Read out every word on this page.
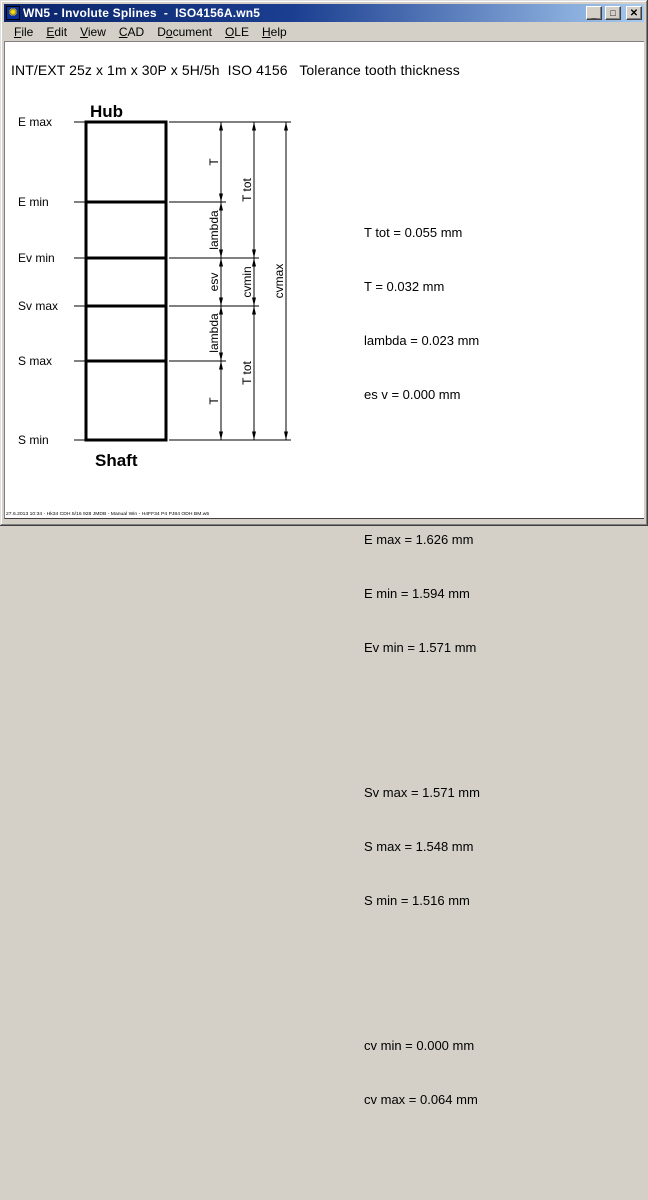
✺ WN5 - Involute Splines  -  ISO4156A.wn5	_ □ ✕
File Edit View CAD Document OLE Help
INT/EXT 25z x 1m x 30P x 5H/5h  ISO 4156   Tolerance tooth thickness
Hub
Shaft
E max
E min
Ev min
Sv max
S max
S min
T
lambda
esv
lambda
T
T tot
cvmin
T tot
cvmax

T tot = 0.055 mm

T = 0.032 mm

lambda = 0.023 mm

es v = 0.000 mm

E max = 1.626 mm

E min = 1.594 mm

Ev min = 1.571 mm

Sv max = 1.571 mm

S max = 1.548 mm

S min = 1.516 mm

cv min = 0.000 mm

cv max = 0.064 mm

27.6.2013 10:34 - Hk34 CDH 5/16 928 JMDB - Manual Win - H4FF34 P4 PJ84 ODH BM.w5
